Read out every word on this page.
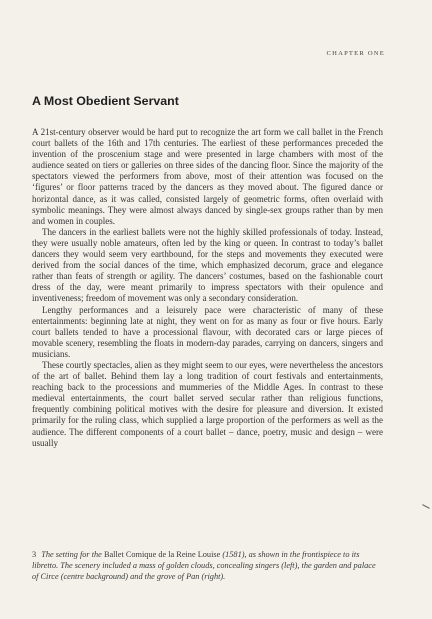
CHAPTER ONE
A Most Obedient Servant

A 21st-century observer would be hard put to recognize the art form we call ballet in the French court ballets of the 16th and 17th centuries. The earliest of these performances preceded the invention of the proscenium stage and were presented in large chambers with most of the audience seated on tiers or galleries on three sides of the dancing floor. Since the majority of the spectators viewed the performers from above, most of their attention was focused on the ‘figures’ or floor patterns traced by the dancers as they moved about. The figured dance or horizontal dance, as it was called, consisted largely of geometric forms, often overlaid with symbolic meanings. They were almost always danced by single-sex groups rather than by men and women in couples.

The dancers in the earliest ballets were not the highly skilled professionals of today. Instead, they were usually noble amateurs, often led by the king or queen. In contrast to today’s ballet dancers they would seem very earthbound, for the steps and movements they executed were derived from the social dances of the time, which emphasized decorum, grace and elegance rather than feats of strength or agility. The dancers’ costumes, based on the fashionable court dress of the day, were meant primarily to impress spectators with their opulence and inventiveness; freedom of movement was only a secondary consideration.

Lengthy performances and a leisurely pace were characteristic of many of these entertainments: beginning late at night, they went on for as many as four or five hours. Early court ballets tended to have a processional flavour, with decorated cars or large pieces of movable scenery, resembling the floats in modern-day parades, carrying on dancers, singers and musicians.

These courtly spectacles, alien as they might seem to our eyes, were nevertheless the ancestors of the art of ballet. Behind them lay a long tradition of court festivals and entertainments, reaching back to the processions and mummeries of the Middle Ages. In contrast to these medieval entertainments, the court ballet served secular rather than religious functions, frequently combining political motives with the desire for pleasure and diversion. It existed primarily for the ruling class, which supplied a large proportion of the performers as well as the audience. The different components of a court ballet – dance, poetry, music and design – were usually

3 The setting for the Ballet Comique de la Reine Louise (1581), as shown in the frontispiece to its libretto. The scenery included a mass of golden clouds, concealing singers (left), the garden and palace of Circe (centre background) and the grove of Pan (right).
